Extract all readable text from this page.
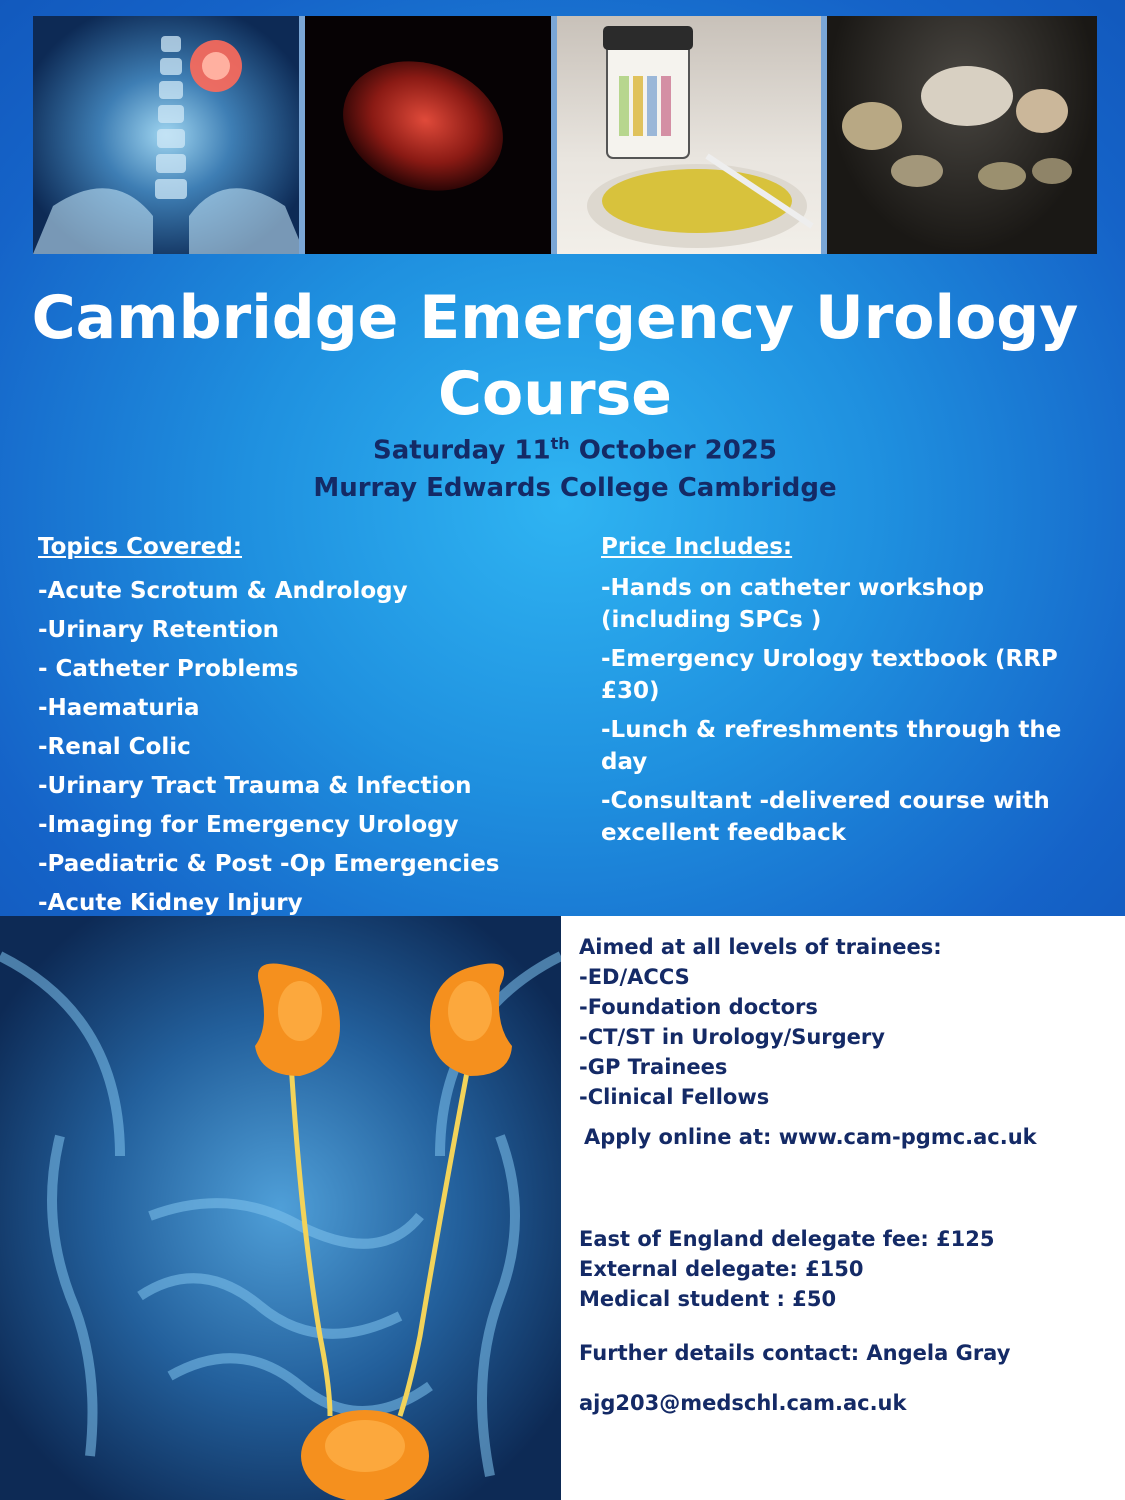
Cambridge Emergency Urology
Course
Saturday 11th October 2025
Murray Edwards College Cambridge
Topics Covered:
-Acute Scrotum & Andrology
-Urinary Retention
- Catheter Problems
-Haematuria
-Renal Colic
-Urinary Tract Trauma & Infection
-Imaging for Emergency Urology
-Paediatric & Post -Op Emergencies
-Acute Kidney Injury
Price Includes:
-Hands on catheter workshop (including SPCs )
-Emergency Urology textbook (RRP £30)
-Lunch & refreshments through the day
-Consultant -delivered course with excellent feedback
Aimed at all levels of trainees:
-ED/ACCS
-Foundation doctors
-CT/ST in Urology/Surgery
-GP Trainees
-Clinical Fellows
Apply online at: www.cam-pgmc.ac.uk
East of England delegate fee: £125
External delegate: £150
Medical student : £50
Further details contact: Angela Gray
ajg203@medschl.cam.ac.uk
